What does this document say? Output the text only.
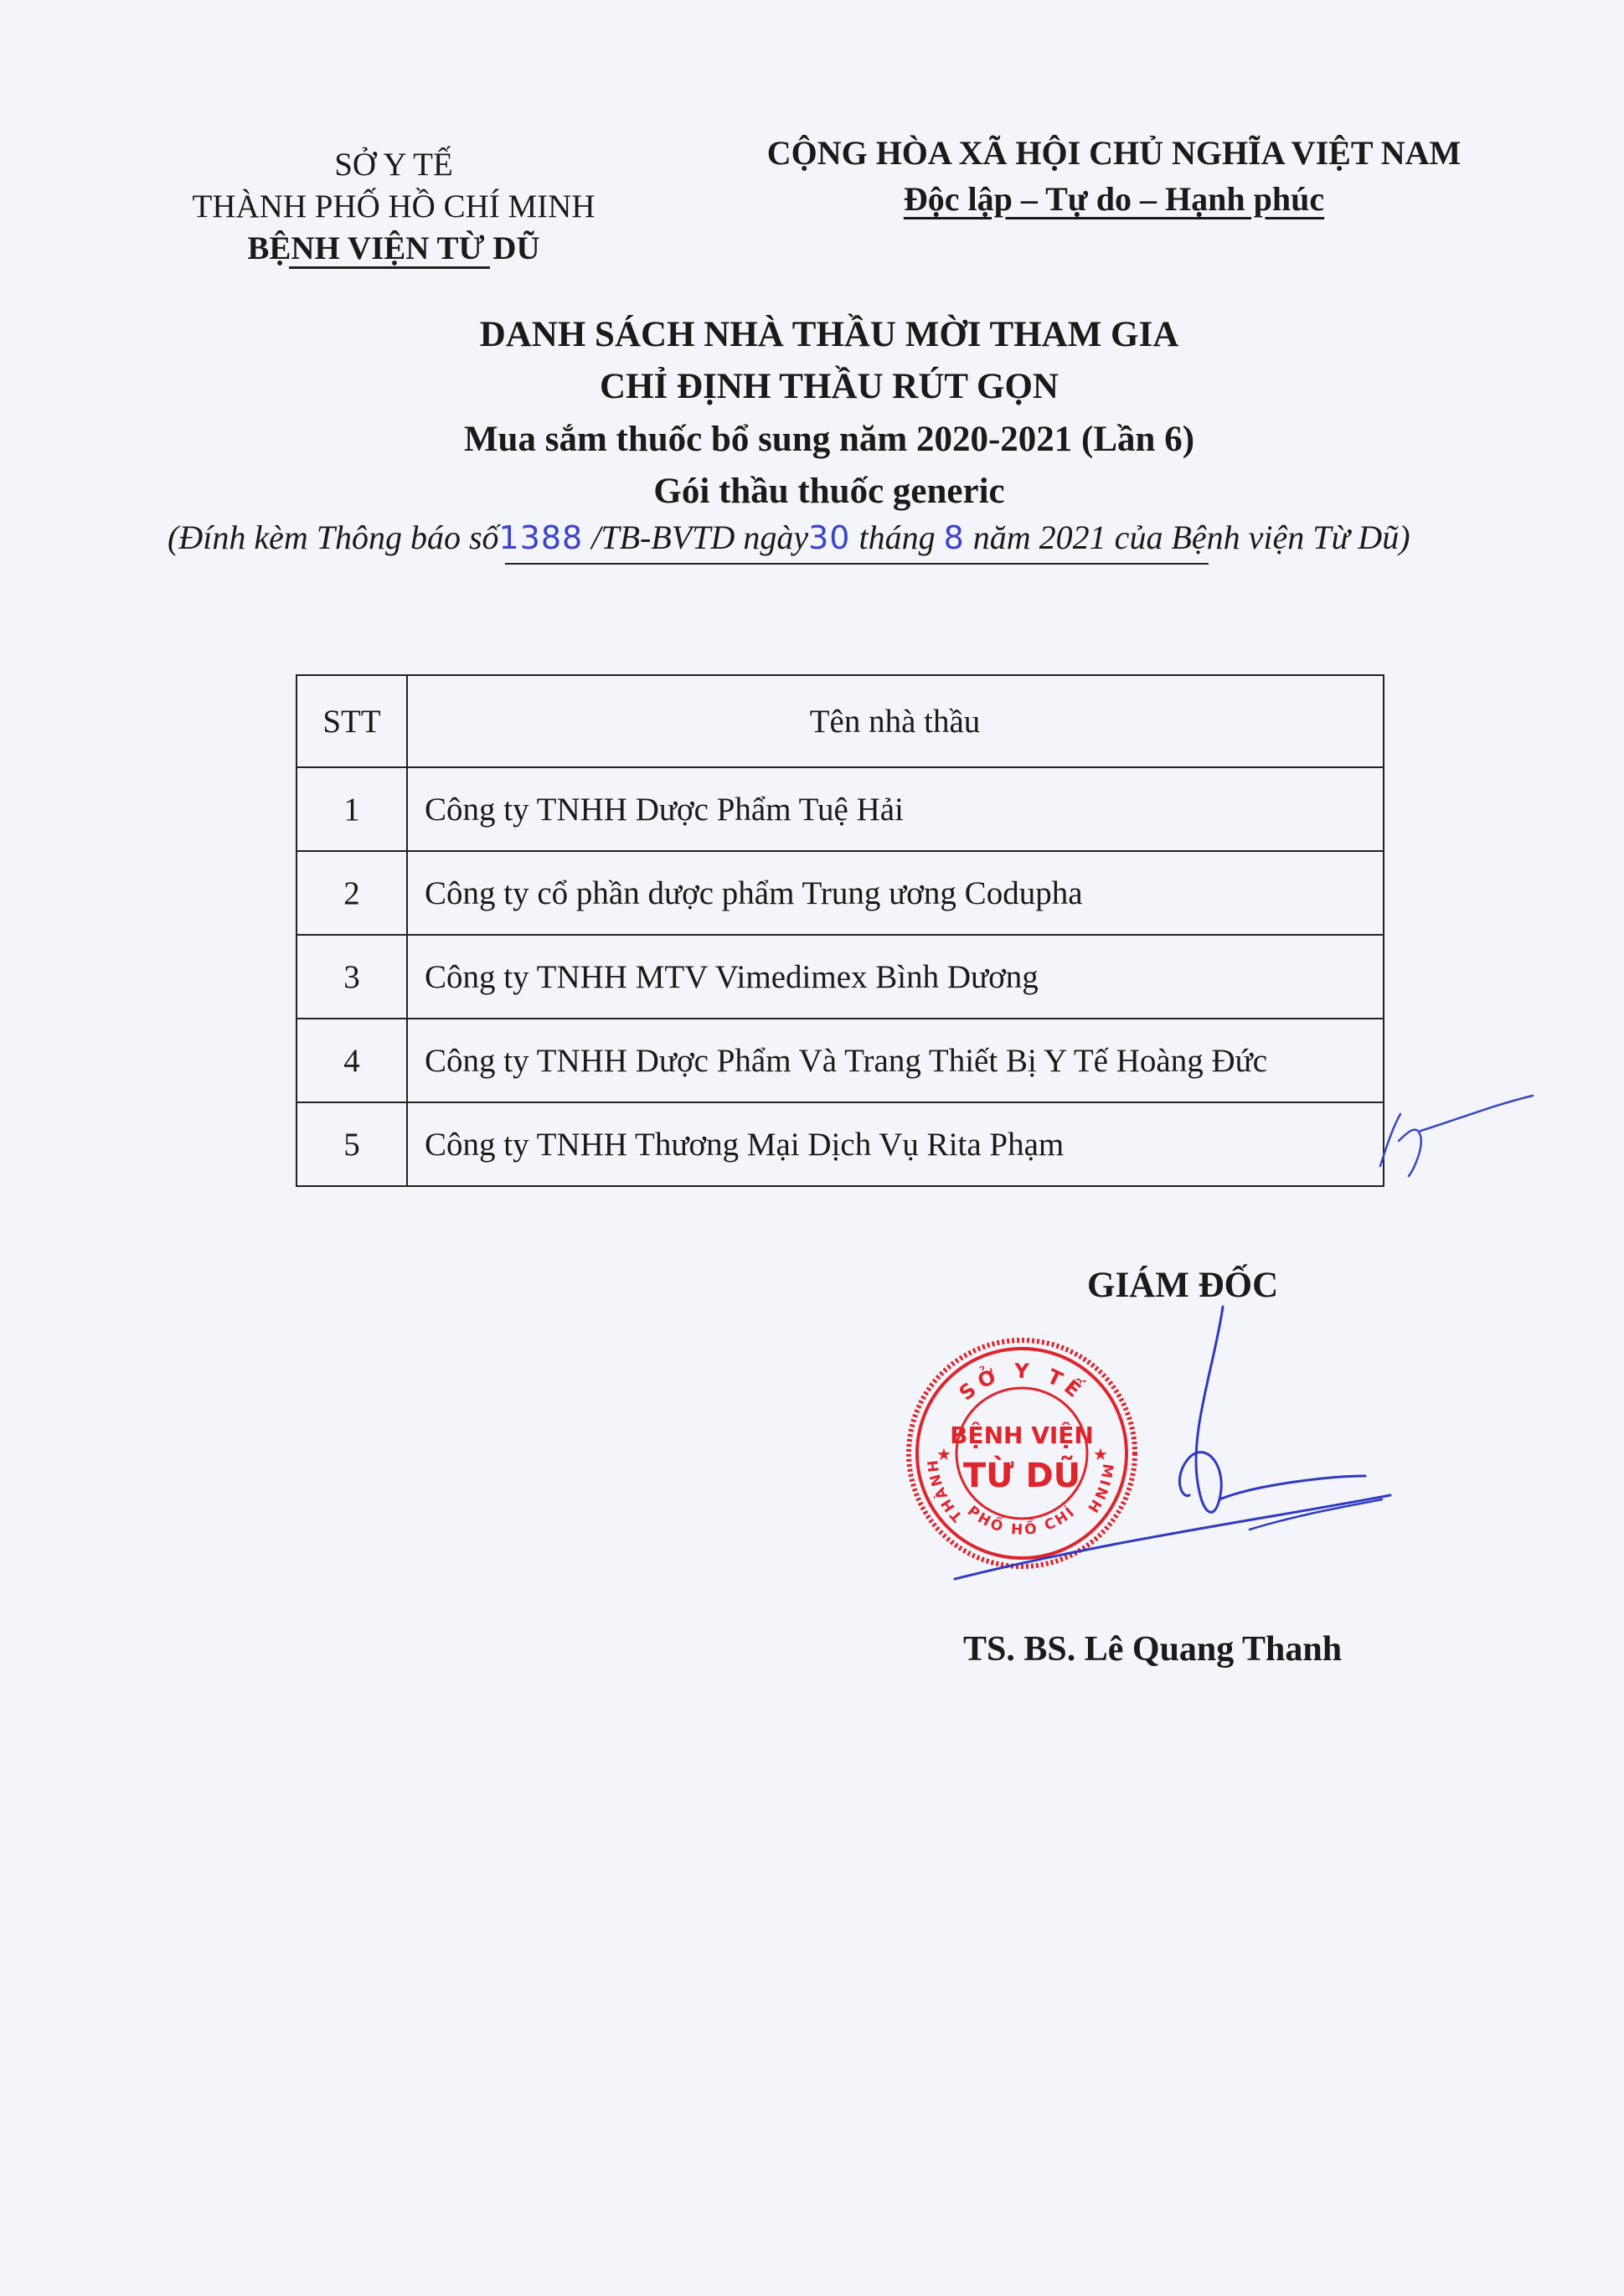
SỞ Y TẾ
THÀNH PHỐ HỒ CHÍ MINH
BỆNH VIỆN TỪ DŨ
CỘNG HÒA XÃ HỘI CHỦ NGHĨA VIỆT NAM
Độc lập – Tự do – Hạnh phúc
DANH SÁCH NHÀ THẦU MỜI THAM GIA
CHỈ ĐỊNH THẦU RÚT GỌN
Mua sắm thuốc bổ sung năm 2020-2021 (Lần 6)
Gói thầu thuốc generic
(Đính kèm Thông báo số1388 /TB-BVTD ngày30 tháng 8 năm 2021 của Bệnh viện Từ Dũ)
STT	Tên nhà thầu
1	Công ty TNHH Dược Phẩm Tuệ Hải
2	Công ty cổ phần dược phẩm Trung ương Codupha
3	Công ty TNHH MTV Vimedimex Bình Dương
4	Công ty TNHH Dược Phẩm Và Trang Thiết Bị Y Tế Hoàng Đức
5	Công ty TNHH Thương Mại Dịch Vụ Rita Phạm
GIÁM ĐỐC
SỞ Y TẾ
THÀNH
PHỐ HỒ CHÍ
MINH
BỆNH VIỆN
TỪ DŨ
★	★
TS. BS. Lê Quang Thanh
